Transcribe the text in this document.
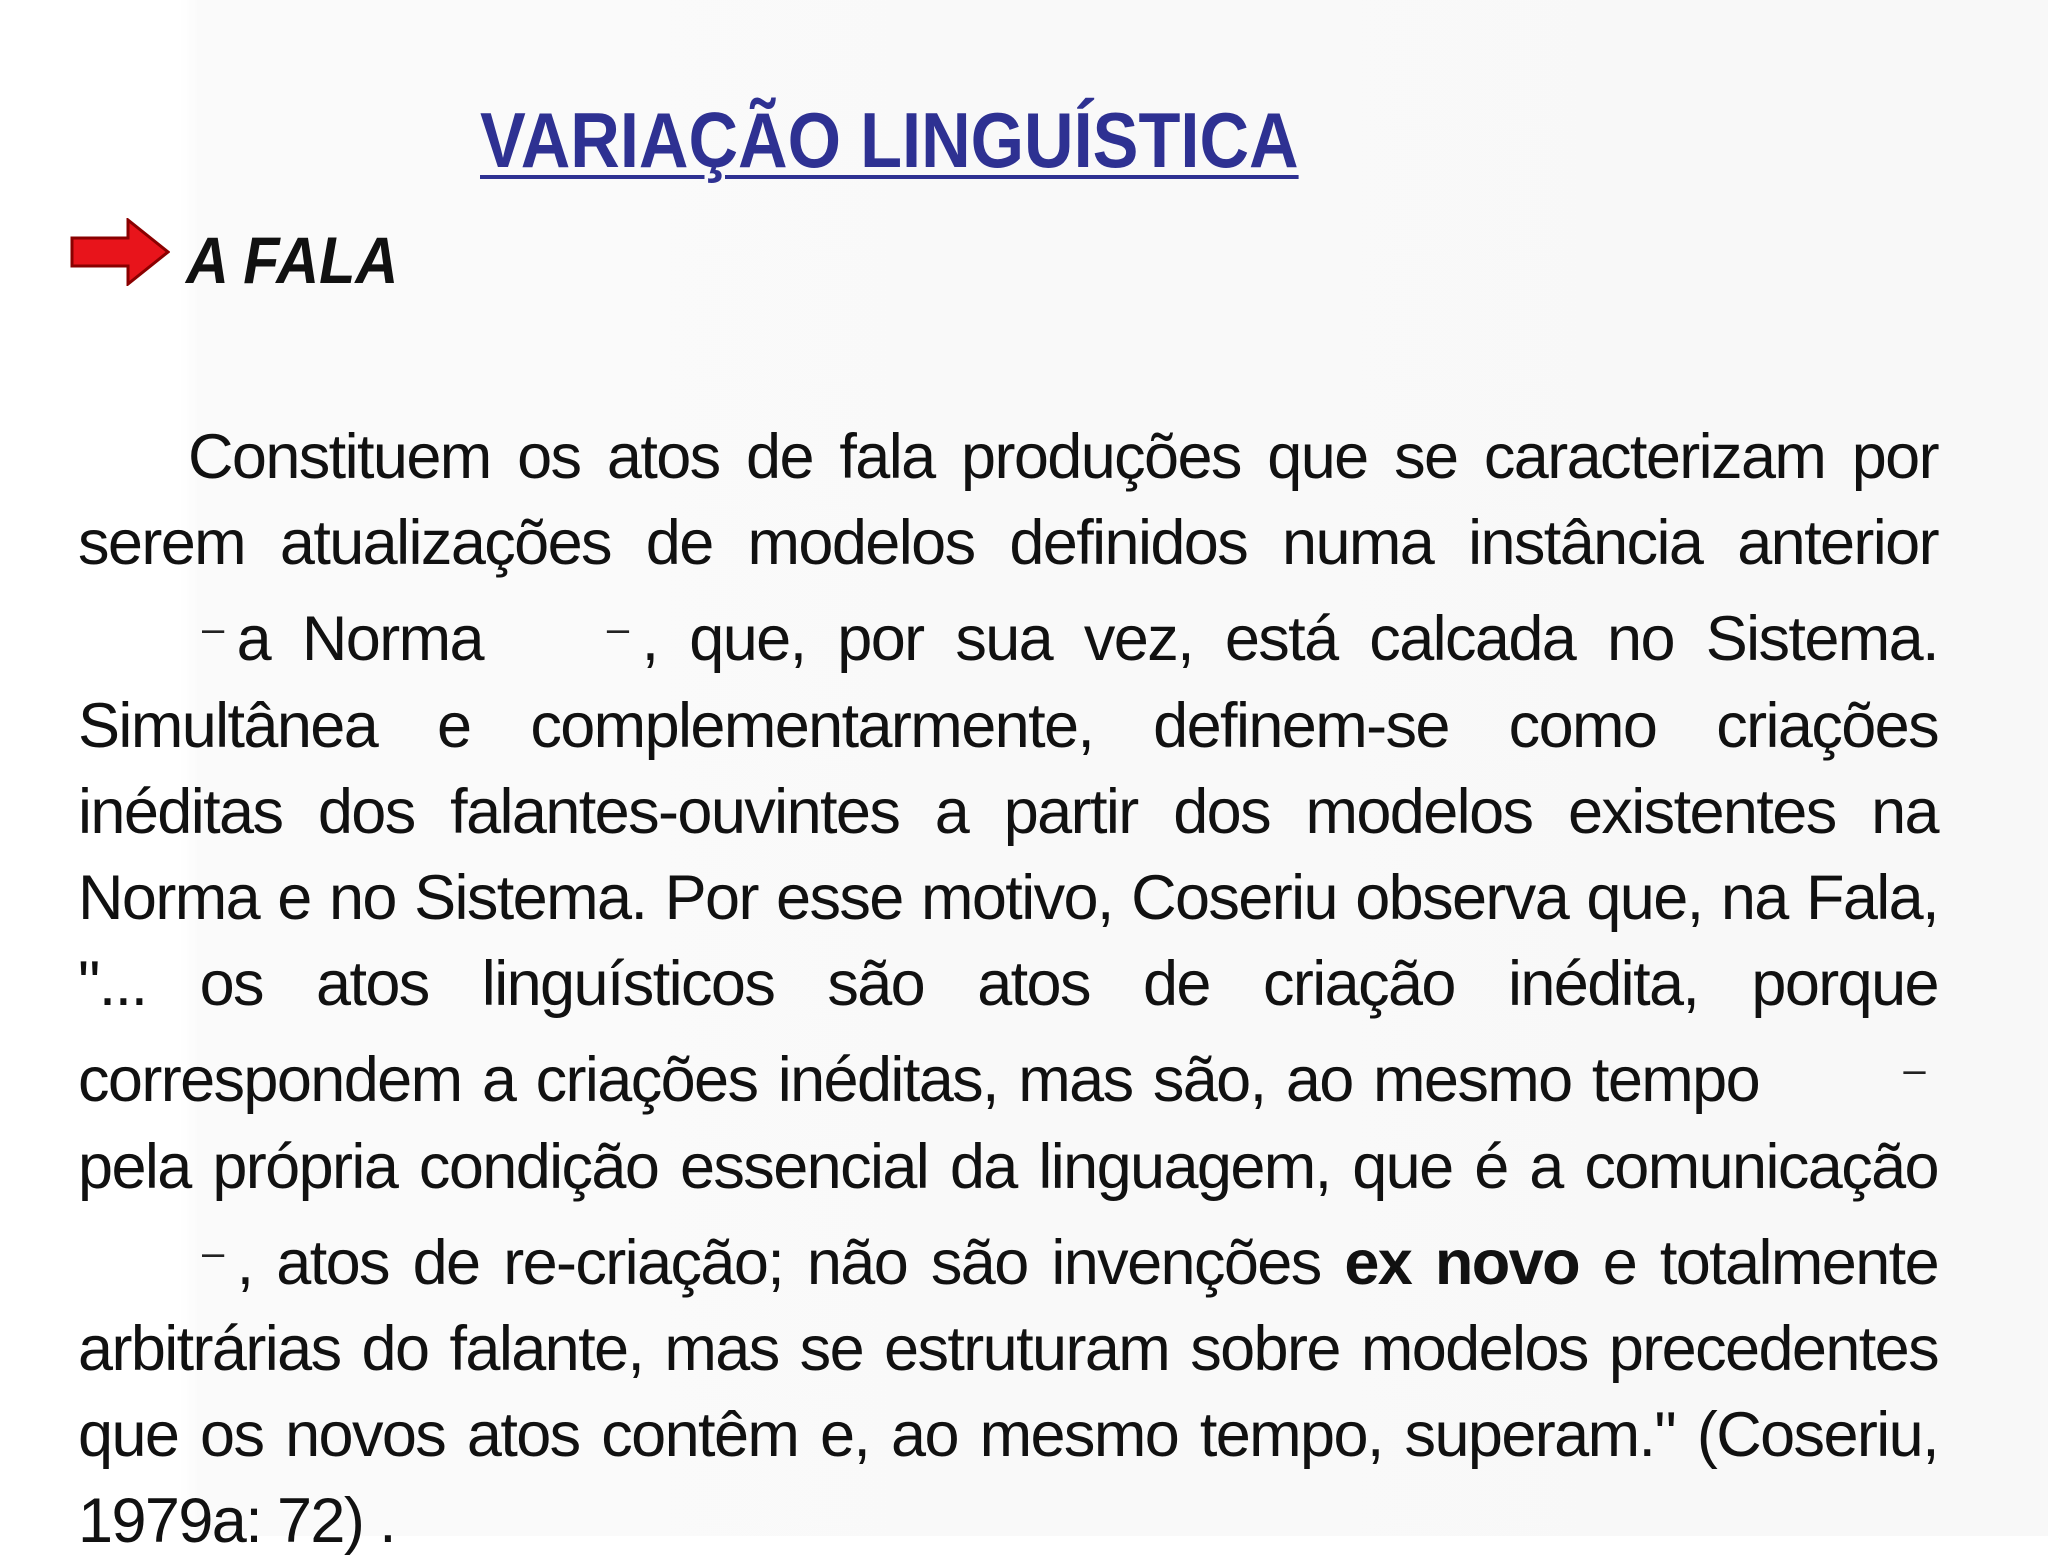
VARIAÇÃO LINGUÍSTICA
A FALA

Constituem os atos de fala produções que se caracterizam por serem atualizações de modelos definidos numa instância anterior – a Norma	– , que, por sua vez, está calcada no Sistema. Simultânea e complementarmente, definem-se como criações inéditas dos falantes-ouvintes a partir dos modelos existentes na Norma e no Sistema. Por esse motivo, Coseriu observa que, na Fala, "... os atos linguísticos são atos de criação inédita, porque correspondem a criações inéditas, mas são, ao mesmo tempo	– pela própria condição essencial da linguagem, que é a comunicação – , atos de re-criação; não são invenções ex novo e totalmente arbitrárias do falante, mas se estruturam sobre modelos precedentes que os novos atos contêm e, ao mesmo tempo, superam." (Coseriu, 1979a: 72) .
